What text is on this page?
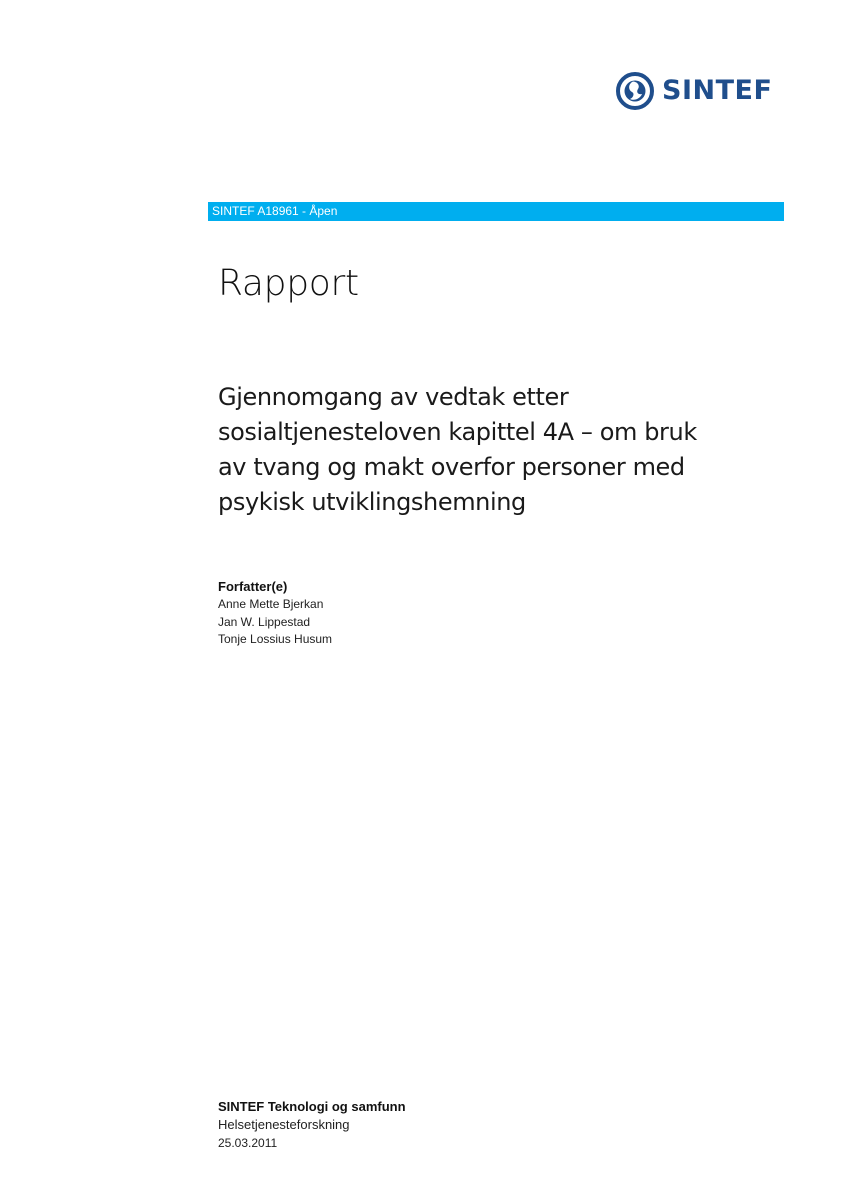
SINTEF
SINTEF A18961 - Åpen
Rapport
Gjennomgang av vedtak etter
sosialtjenesteloven kapittel 4A – om bruk
av tvang og makt overfor personer med
psykisk utviklingshemning
Forfatter(e)
Anne Mette Bjerkan
Jan W. Lippestad
Tonje Lossius Husum
SINTEF Teknologi og samfunn
Helsetjenesteforskning
25.03.2011
